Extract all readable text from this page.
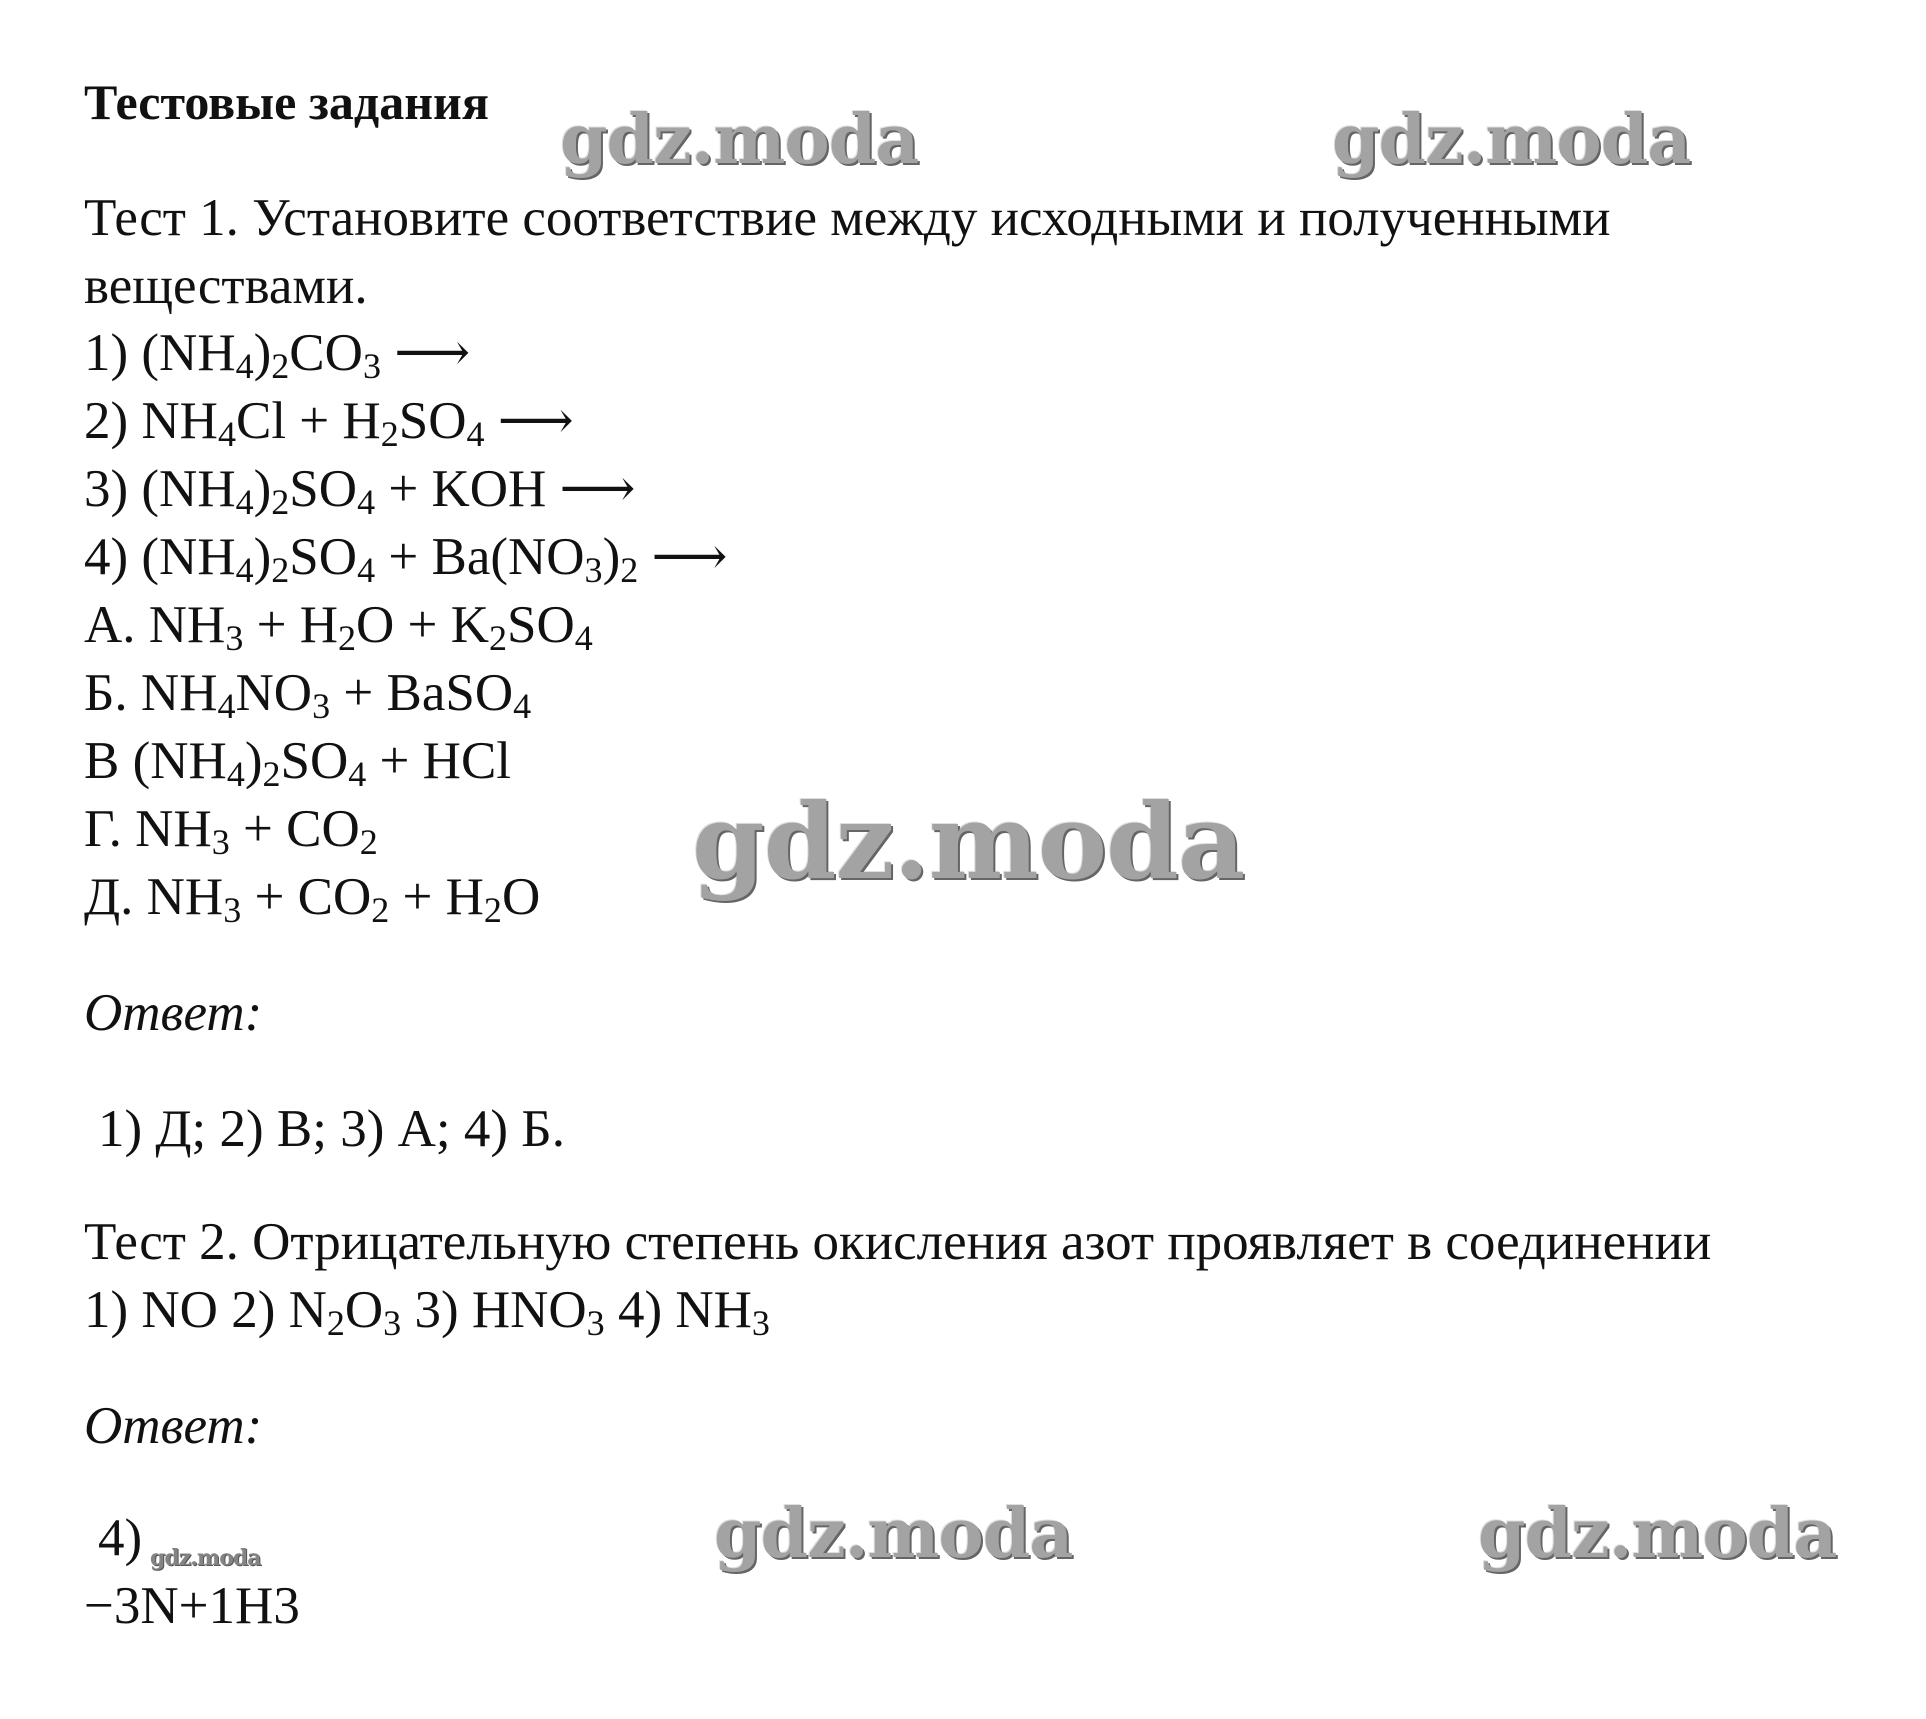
Тестовые задания
Тест 1. Установите соответствие между исходными и полученными
веществами.
1) $(NH_4)_2CO_3$ ⟶
2) $NH_4Cl + H_2SO_4$ ⟶
3) $(NH_4)_2SO_4$ + KOH ⟶
4) $(NH_4)_2SO_4 + Ba(NO_3)_2$ ⟶
А. $NH_3 + H_2O + K_2SO_4$
Б. $NH_4NO_3$ + BaSO$_4$
В $(NH_4)_2SO_4$ + HCl
Г. $NH_3 + CO_2$
Д. $NH_3 + CO_2 + H_2O$
Ответ:
1) Д; 2) В; 3) А; 4) Б.
Тест 2. Отрицательную степень окисления азот проявляет в соединении
1) NO 2) $N_2O_3$ 3) $HNO_3$ 4) $NH_3$
Ответ:
4)
−3N+1H3
gdz.moda	gdz.moda
gdz.moda
gdz.moda	gdz.moda
gdz.moda
